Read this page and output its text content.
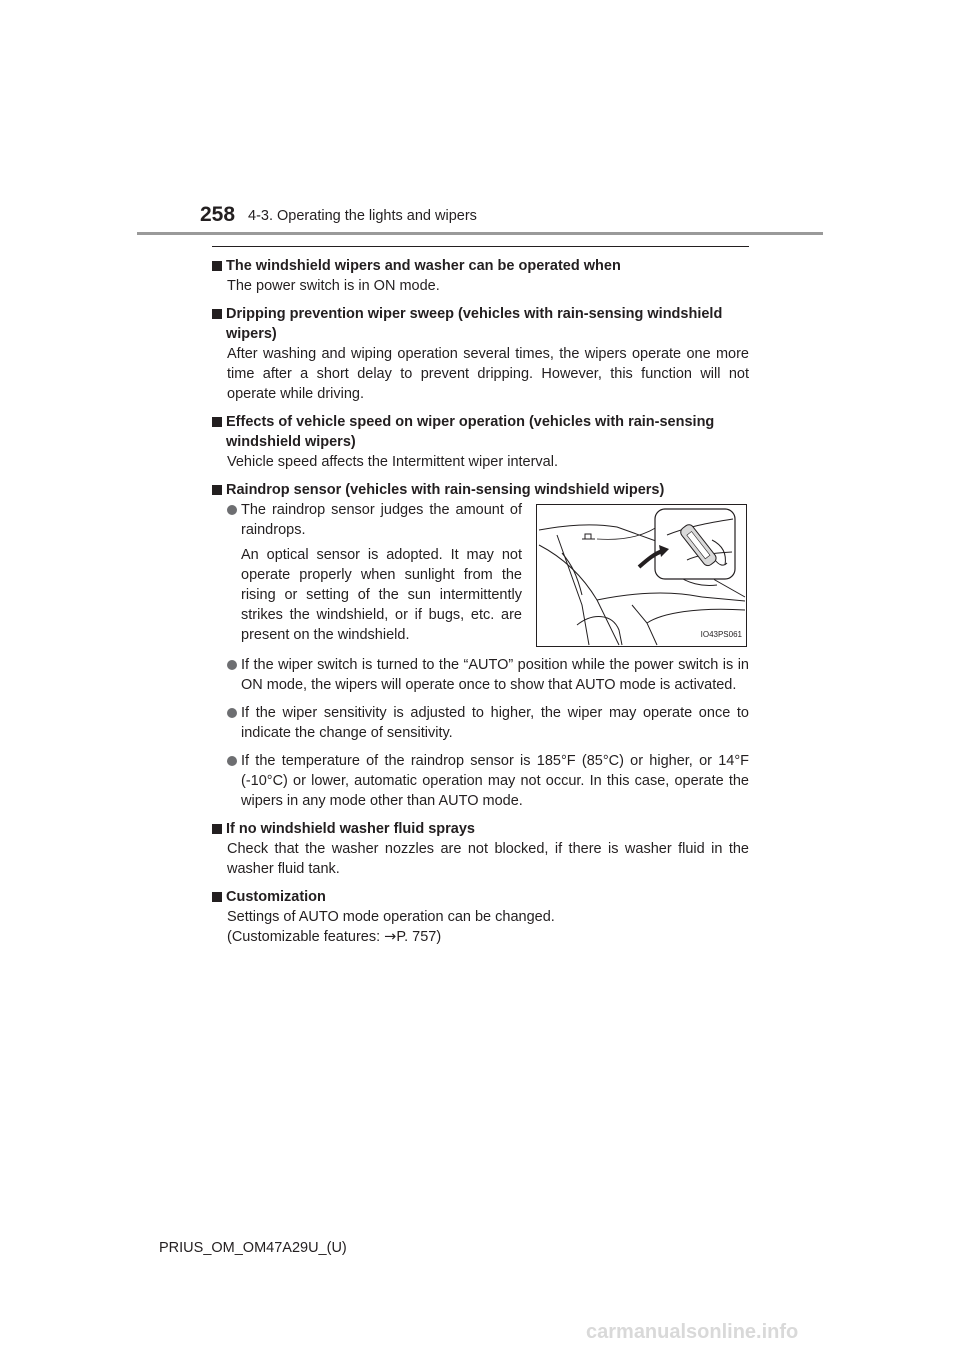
258 4-3. Operating the lights and wipers
The windshield wipers and washer can be operated when
The power switch is in ON mode.
Dripping prevention wiper sweep (vehicles with rain-sensing windshield wipers)
After washing and wiping operation several times, the wipers operate one more time after a short delay to prevent dripping. However, this function will not operate while driving.
Effects of vehicle speed on wiper operation (vehicles with rain-sensing windshield wipers)
Vehicle speed affects the Intermittent wiper interval.
Raindrop sensor (vehicles with rain-sensing windshield wipers)
The raindrop sensor judges the amount of raindrops.
An optical sensor is adopted. It may not operate properly when sunlight from the rising or setting of the sun intermittently strikes the windshield, or if bugs, etc. are present on the windshield.	IO43PS061
If the wiper switch is turned to the “AUTO” position while the power switch is in ON mode, the wipers will operate once to show that AUTO mode is activated.
If the wiper sensitivity is adjusted to higher, the wiper may operate once to indicate the change of sensitivity.
If the temperature of the raindrop sensor is 185°F (85°C) or higher, or 14°F (-10°C) or lower, automatic operation may not occur. In this case, operate the wipers in any mode other than AUTO mode.
If no windshield washer fluid sprays
Check that the washer nozzles are not blocked, if there is washer fluid in the washer fluid tank.
Customization
Settings of AUTO mode operation can be changed.
(Customizable features: →P. 757)
PRIUS_OM_OM47A29U_(U)
carmanualsonline.info
